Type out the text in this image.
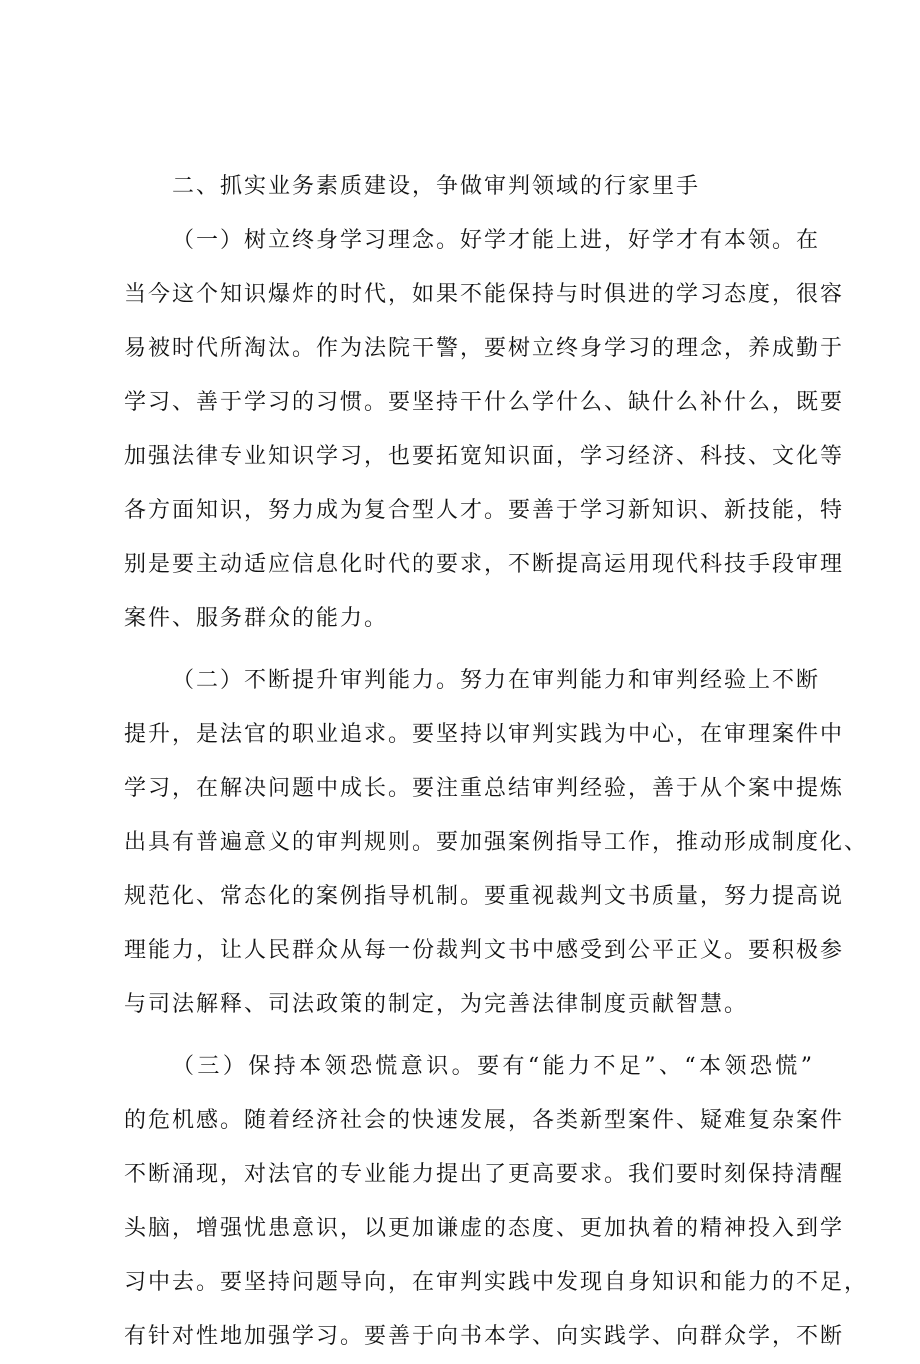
二、抓实业务素质建设，争做审判领域的行家里手
（一）树立终身学习理念。好学才能上进，好学才有本领。在
当今这个知识爆炸的时代，如果不能保持与时俱进的学习态度，很容
易被时代所淘汰。作为法院干警，要树立终身学习的理念，养成勤于
学习、善于学习的习惯。要坚持干什么学什么、缺什么补什么，既要
加强法律专业知识学习，也要拓宽知识面，学习经济、科技、文化等
各方面知识，努力成为复合型人才。要善于学习新知识、新技能，特
别是要主动适应信息化时代的要求，不断提高运用现代科技手段审理
案件、服务群众的能力。
（二）不断提升审判能力。努力在审判能力和审判经验上不断
提升，是法官的职业追求。要坚持以审判实践为中心，在审理案件中
学习，在解决问题中成长。要注重总结审判经验，善于从个案中提炼
出具有普遍意义的审判规则。要加强案例指导工作，推动形成制度化、
规范化、常态化的案例指导机制。要重视裁判文书质量，努力提高说
理能力，让人民群众从每一份裁判文书中感受到公平正义。要积极参
与司法解释、司法政策的制定，为完善法律制度贡献智慧。
（三）保持本领恐慌意识。要有“能力不足”、“本领恐慌”
的危机感。随着经济社会的快速发展，各类新型案件、疑难复杂案件
不断涌现，对法官的专业能力提出了更高要求。我们要时刻保持清醒
头脑，增强忧患意识，以更加谦虚的态度、更加执着的精神投入到学
习中去。要坚持问题导向，在审判实践中发现自身知识和能力的不足，
有针对性地加强学习。要善于向书本学、向实践学、向群众学，不断
